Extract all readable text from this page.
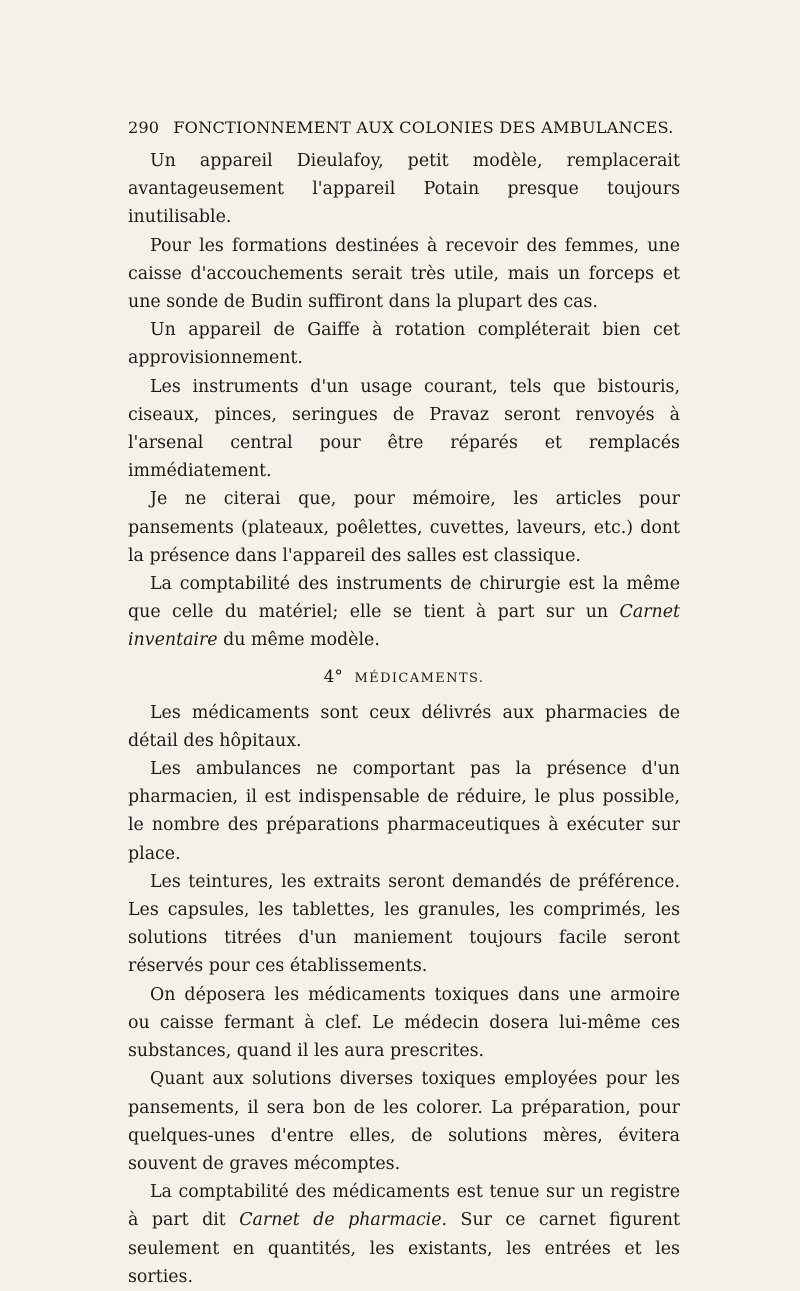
290 FONCTIONNEMENT AUX COLONIES DES AMBULANCES.

Un appareil Dieulafoy, petit modèle, remplacerait avantageusement l'appareil Potain presque toujours inutilisable.

Pour les formations destinées à recevoir des femmes, une caisse d'accouchements serait très utile, mais un forceps et une sonde de Budin suffiront dans la plupart des cas.

Un appareil de Gaiffe à rotation compléterait bien cet approvisionnement.

Les instruments d'un usage courant, tels que bistouris, ciseaux, pinces, seringues de Pravaz seront renvoyés à l'arsenal central pour être réparés et remplacés immédiatement.

Je ne citerai que, pour mémoire, les articles pour pansements (plateaux, poêlettes, cuvettes, laveurs, etc.) dont la présence dans l'appareil des salles est classique.

La comptabilité des instruments de chirurgie est la même que celle du matériel; elle se tient à part sur un Carnet inventaire du même modèle.

4° MÉDICAMENTS.

Les médicaments sont ceux délivrés aux pharmacies de détail des hôpitaux.

Les ambulances ne comportant pas la présence d'un pharmacien, il est indispensable de réduire, le plus possible, le nombre des préparations pharmaceutiques à exécuter sur place.

Les teintures, les extraits seront demandés de préférence. Les capsules, les tablettes, les granules, les comprimés, les solutions titrées d'un maniement toujours facile seront réservés pour ces établissements.

On déposera les médicaments toxiques dans une armoire ou caisse fermant à clef. Le médecin dosera lui-même ces substances, quand il les aura prescrites.

Quant aux solutions diverses toxiques employées pour les pansements, il sera bon de les colorer. La préparation, pour quelques-unes d'entre elles, de solutions mères, évitera souvent de graves mécomptes.

La comptabilité des médicaments est tenue sur un registre à part dit Carnet de pharmacie. Sur ce carnet figurent seulement en quantités, les existants, les entrées et les sorties.
